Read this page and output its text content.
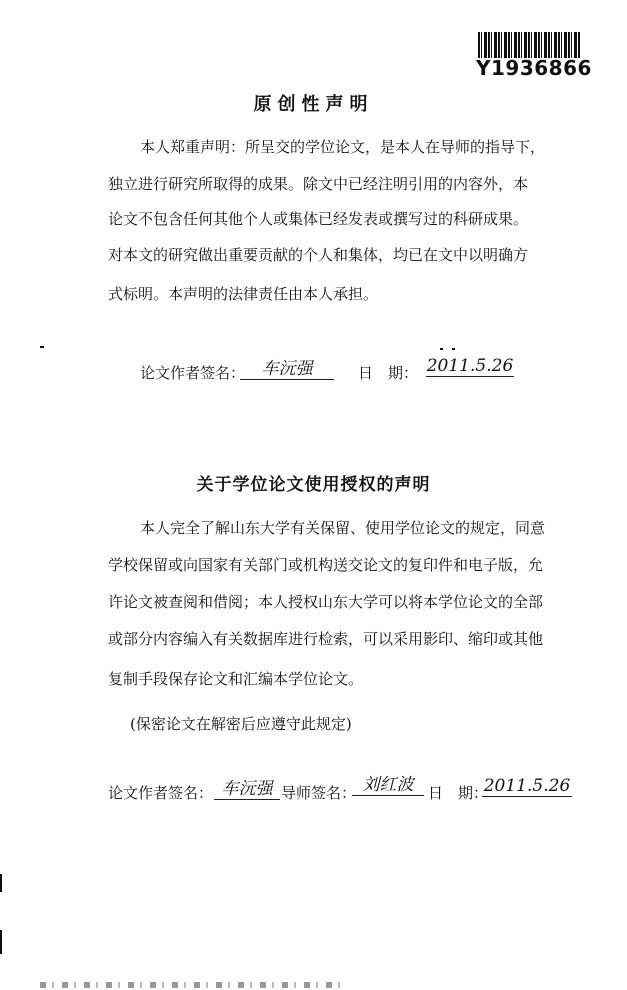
Y1936866
原创性声明
本人郑重声明：所呈交的学位论文，是本人在导师的指导下，
独立进行研究所取得的成果。除文中已经注明引用的内容外，本
论文不包含任何其他个人或集体已经发表或撰写过的科研成果。
对本文的研究做出重要贡献的个人和集体，均已在文中以明确方
式标明。本声明的法律责任由本人承担。
论文作者签名： 车沅强	日　期： 2011.5.26
关于学位论文使用授权的声明
本人完全了解山东大学有关保留、使用学位论文的规定，同意
学校保留或向国家有关部门或机构送交论文的复印件和电子版，允
许论文被查阅和借阅；本人授权山东大学可以将本学位论文的全部
或部分内容编入有关数据库进行检索，可以采用影印、缩印或其他
复制手段保存论文和汇编本学位论文。
(保密论文在解密后应遵守此规定)
论文作者签名： 车沅强 导师签名： 刘红波 日　期：
2011.5.26
